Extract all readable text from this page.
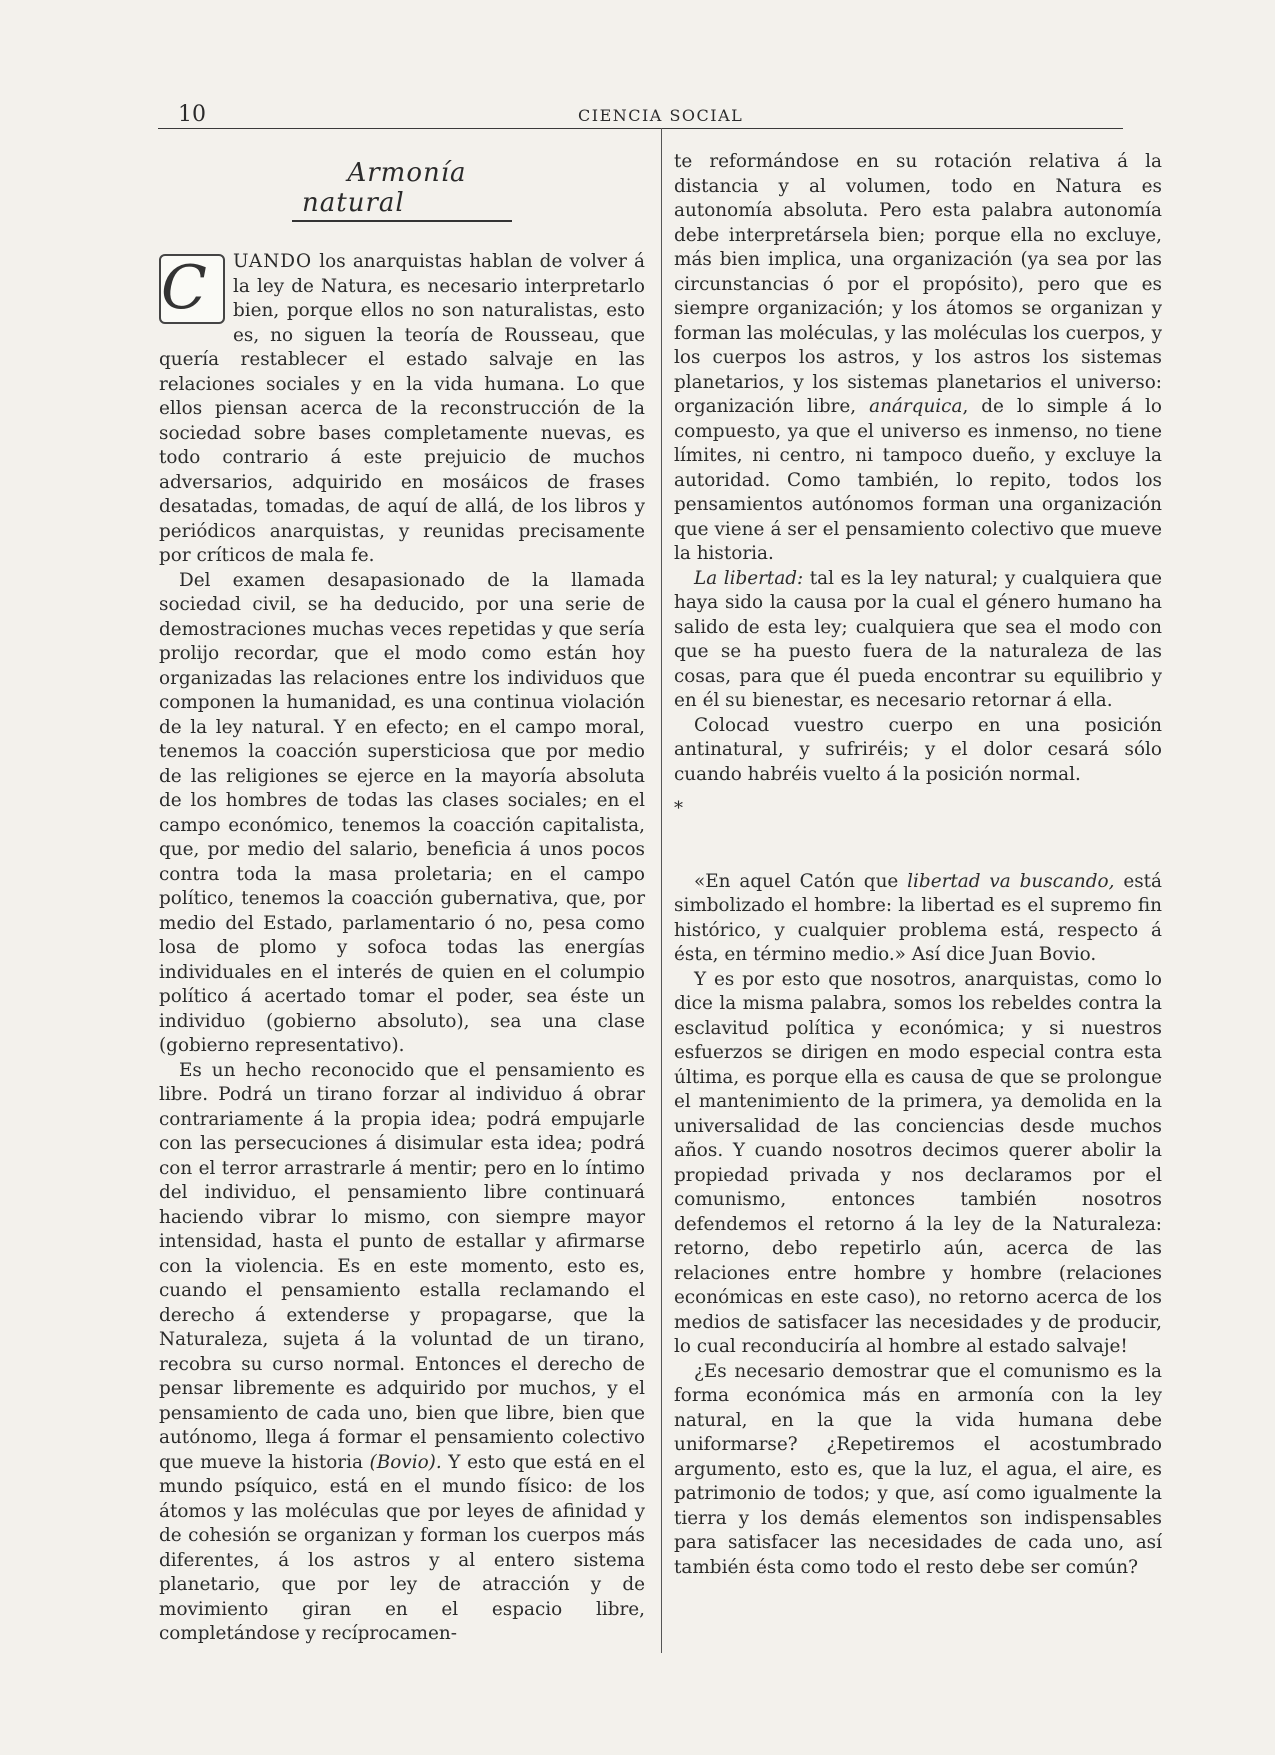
10	CIENCIA SOCIAL
Armonía natural

C	UANDO los anarquistas hablan de volver á la ley de Natura, es necesario interpretarlo bien, porque ellos no son naturalistas, esto es, no siguen la teoría de Rousseau, que quería restablecer el estado salvaje en las relaciones sociales y en la vida humana. Lo que ellos piensan acerca de la reconstrucción de la sociedad sobre bases completamente nuevas, es todo contrario á este prejuicio de muchos adversarios, adquirido en mosáicos de frases desatadas, tomadas, de aquí de allá, de los libros y periódicos anarquistas, y reunidas precisamente por críticos de mala fe.

Del examen desapasionado de la llamada sociedad civil, se ha deducido, por una serie de demostraciones muchas veces repetidas y que sería prolijo recordar, que el modo como están hoy organizadas las relaciones entre los individuos que componen la humanidad, es una continua violación de la ley natural. Y en efecto; en el campo moral, tenemos la coacción supersticiosa que por medio de las religiones se ejerce en la mayoría absoluta de los hombres de todas las clases sociales; en el campo económico, tenemos la coacción capitalista, que, por medio del salario, beneficia á unos pocos contra toda la masa proletaria; en el campo político, tenemos la coacción gubernativa, que, por medio del Estado, parlamentario ó no, pesa como losa de plomo y sofoca todas las energías individuales en el interés de quien en el columpio político á acertado tomar el poder, sea éste un individuo (gobierno absoluto), sea una clase (gobierno representativo).

Es un hecho reconocido que el pensamiento es libre. Podrá un tirano forzar al individuo á obrar contrariamente á la propia idea; podrá empujarle con las persecuciones á disimular esta idea; podrá con el terror arrastrarle á mentir; pero en lo íntimo del individuo, el pensamiento libre continuará haciendo vibrar lo mismo, con siempre mayor intensidad, hasta el punto de estallar y afirmarse con la violencia. Es en este momento, esto es, cuando el pensamiento estalla reclamando el derecho á extenderse y propagarse, que la Naturaleza, sujeta á la voluntad de un tirano, recobra su curso normal. Entonces el derecho de pensar libremente es adquirido por muchos, y el pensamiento de cada uno, bien que libre, bien que autónomo, llega á formar el pensamiento colectivo que mueve la historia (Bovio). Y esto que está en el mundo psíquico, está en el mundo físico: de los átomos y las moléculas que por leyes de afinidad y de cohesión se organizan y forman los cuerpos más diferentes, á los astros y al entero sistema planetario, que por ley de atracción y de movimiento giran en el espacio libre, completándose y recíprocamen-

te reformándose en su rotación relativa á la distancia y al volumen, todo en Natura es autonomía absoluta. Pero esta palabra autonomía debe interpretársela bien; porque ella no excluye, más bien implica, una organización (ya sea por las circunstancias ó por el propósito), pero que es siempre organización; y los átomos se organizan y forman las moléculas, y las moléculas los cuerpos, y los cuerpos los astros, y los astros los sistemas planetarios, y los sistemas planetarios el universo: organización libre, anárquica, de lo simple á lo compuesto, ya que el universo es inmenso, no tiene límites, ni centro, ni tampoco dueño, y excluye la autoridad. Como también, lo repito, todos los pensamientos autónomos forman una organización que viene á ser el pensamiento colectivo que mueve la historia.

La libertad: tal es la ley natural; y cualquiera que haya sido la causa por la cual el género humano ha salido de esta ley; cualquiera que sea el modo con que se ha puesto fuera de la naturaleza de las cosas, para que él pueda encontrar su equilibrio y en él su bienestar, es necesario retornar á ella.

Colocad vuestro cuerpo en una posición antinatural, y sufriréis; y el dolor cesará sólo cuando habréis vuelto á la posición normal.

*

«En aquel Catón que libertad va buscando, está simbolizado el hombre: la libertad es el supremo fin histórico, y cualquier problema está, respecto á ésta, en término medio.» Así dice Juan Bovio.

Y es por esto que nosotros, anarquistas, como lo dice la misma palabra, somos los rebeldes contra la esclavitud política y económica; y si nuestros esfuerzos se dirigen en modo especial contra esta última, es porque ella es causa de que se prolongue el mantenimiento de la primera, ya demolida en la universalidad de las conciencias desde muchos años. Y cuando nosotros decimos querer abolir la propiedad privada y nos declaramos por el comunismo, entonces también nosotros defendemos el retorno á la ley de la Naturaleza: retorno, debo repetirlo aún, acerca de las relaciones entre hombre y hombre (relaciones económicas en este caso), no retorno acerca de los medios de satisfacer las necesidades y de producir, lo cual reconduciría al hombre al estado salvaje!

¿Es necesario demostrar que el comunismo es la forma económica más en armonía con la ley natural, en la que la vida humana debe uniformarse? ¿Repetiremos el acostumbrado argumento, esto es, que la luz, el agua, el aire, es patrimonio de todos; y que, así como igualmente la tierra y los demás elementos son indispensables para satisfacer las necesidades de cada uno, así también ésta como todo el resto debe ser común?
